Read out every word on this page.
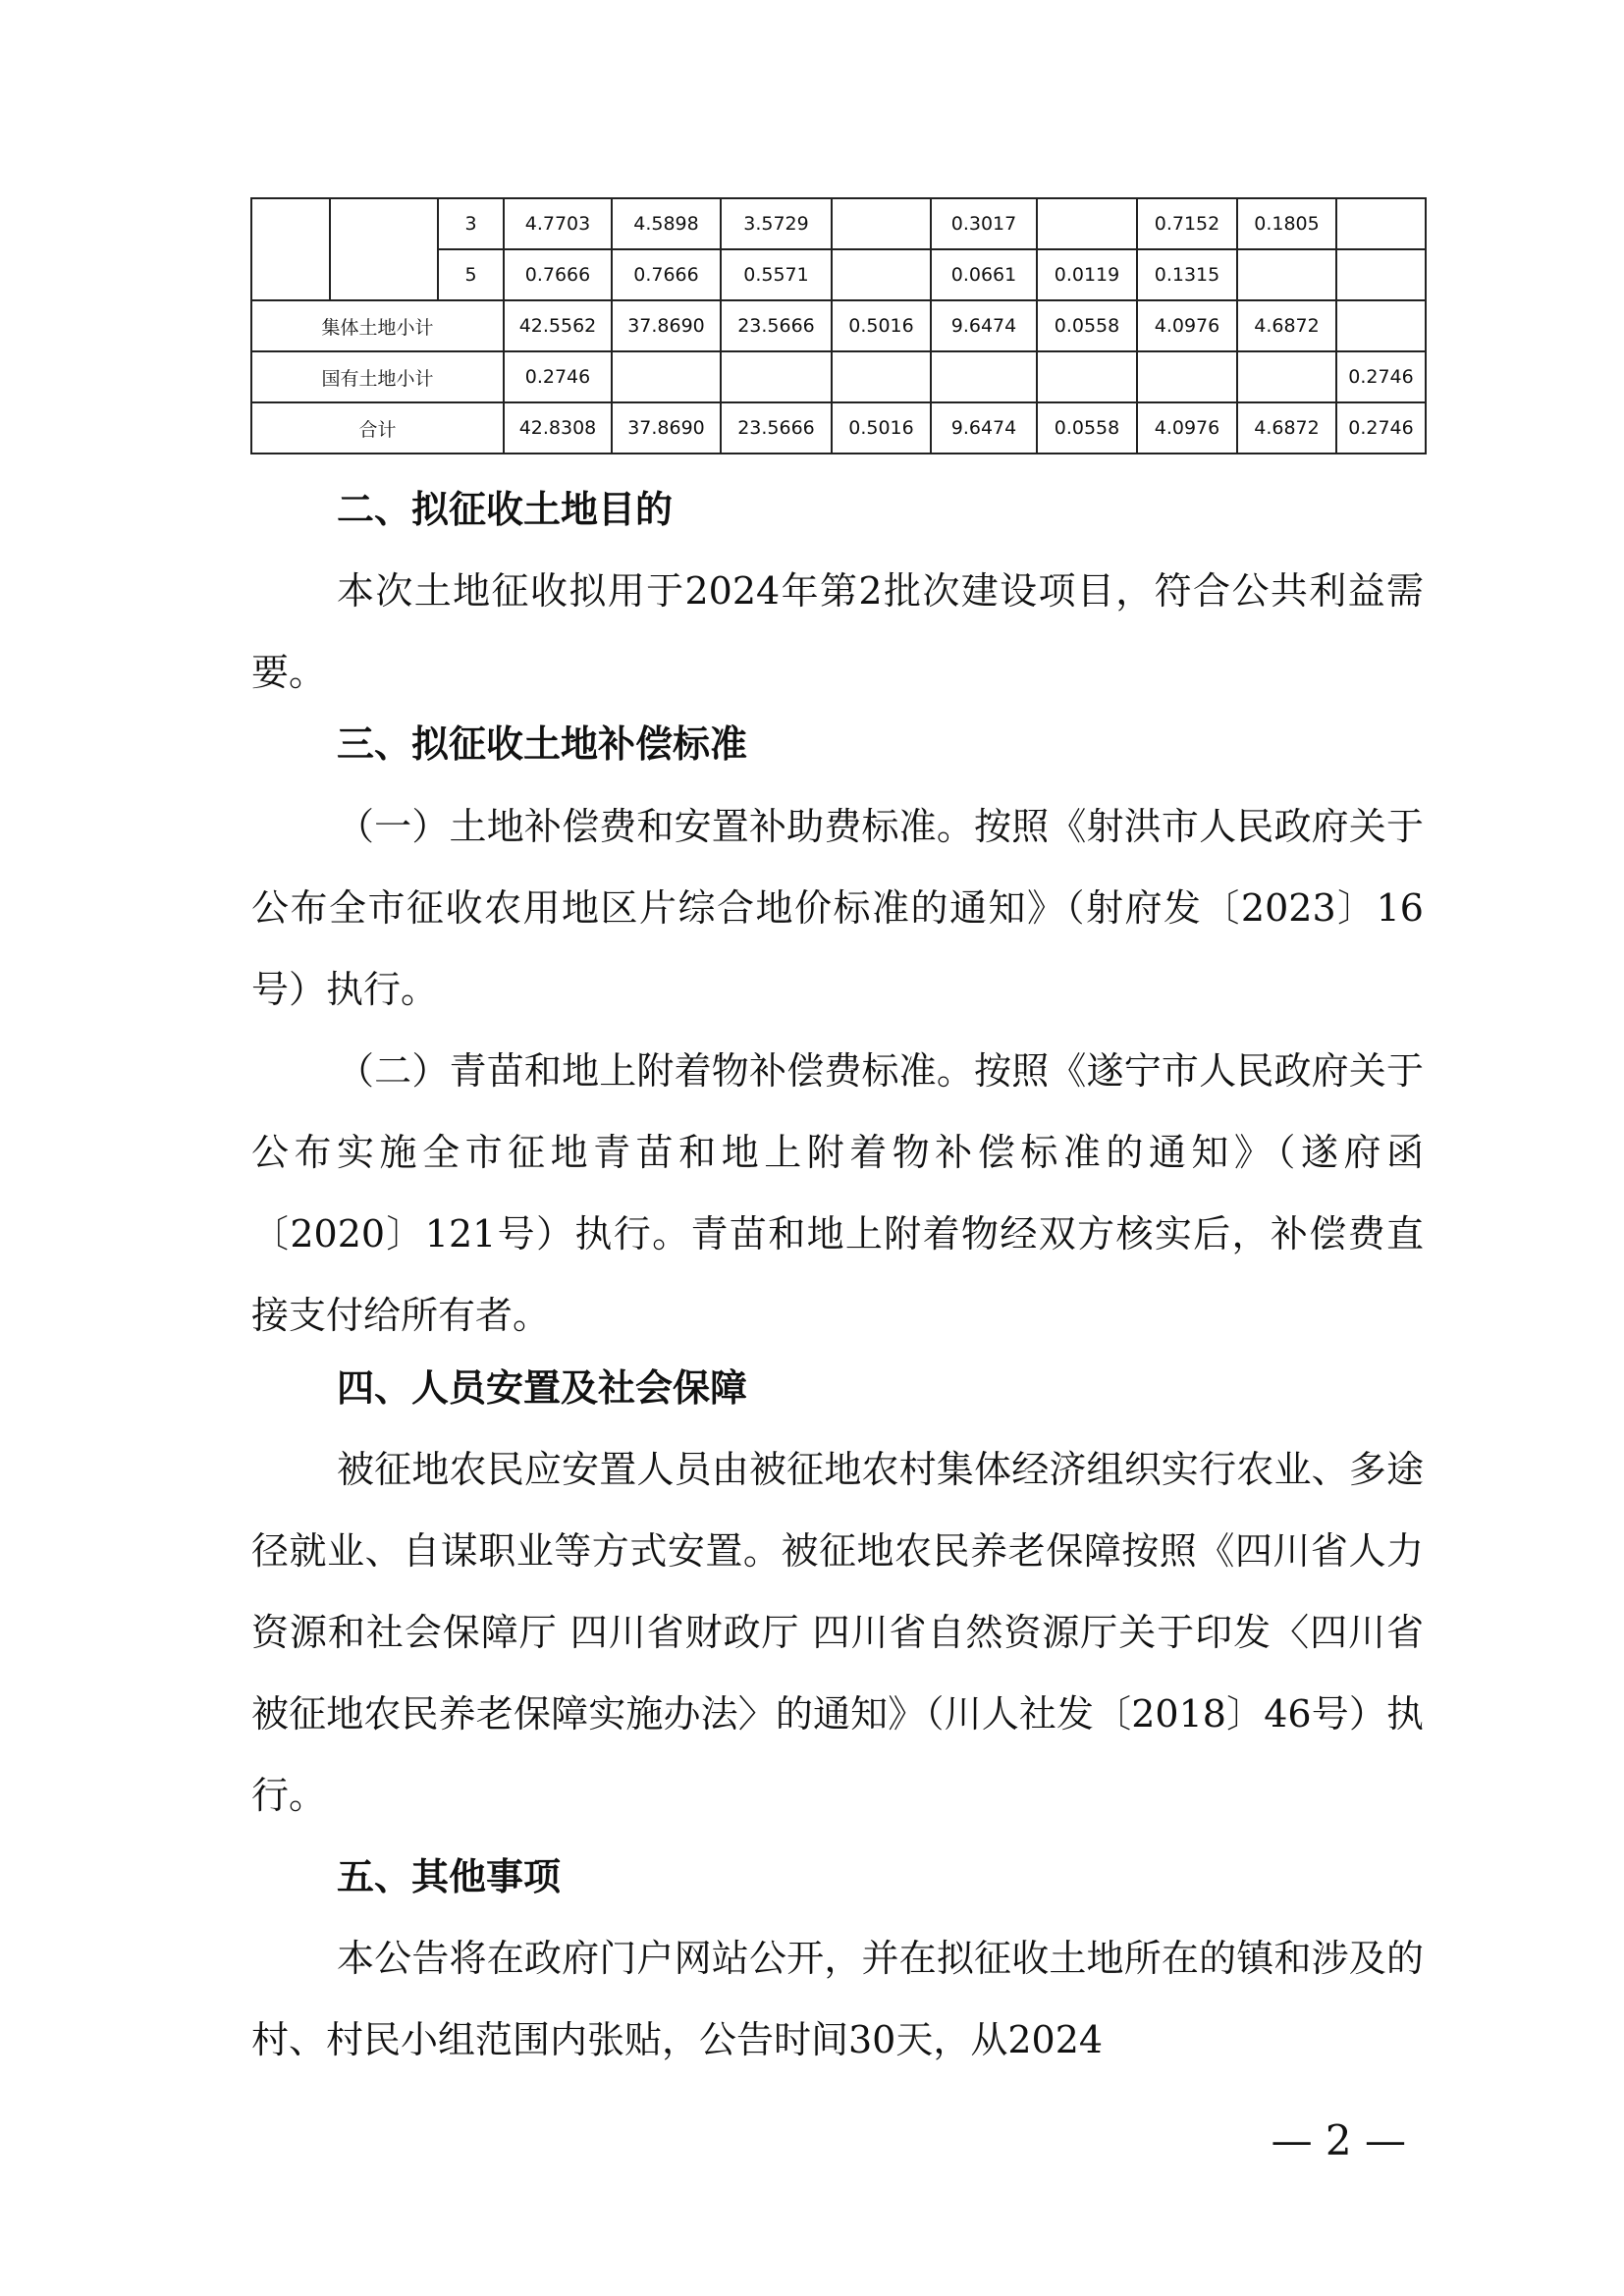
		3	4.7703	4.5898	3.5729		0.3017		0.7152	0.1805	
		5	0.7666	0.7666	0.5571		0.0661	0.0119	0.1315		
集体土地小计			42.5562	37.8690	23.5666	0.5016	9.6474	0.0558	4.0976	4.6872	
国有土地小计			0.2746								0.2746
合计			42.8308	37.8690	23.5666	0.5016	9.6474	0.0558	4.0976	4.6872	0.2746
二、拟征收土地目的

本次土地征收拟用于2024年第2批次建设项目，符合公共利益需要。

三、拟征收土地补偿标准

（一）土地补偿费和安置补助费标准。按照《射洪市人民政府关于公布全市征收农用地区片综合地价标准的通知》（射府发〔2023〕16号）执行。

（二）青苗和地上附着物补偿费标准。按照《遂宁市人民政府关于公布实施全市征地青苗和地上附着物补偿标准的通知》（遂府函〔2020〕121号）执行。青苗和地上附着物经双方核实后，补偿费直接支付给所有者。

四、人员安置及社会保障

被征地农民应安置人员由被征地农村集体经济组织实行农业、多途径就业、自谋职业等方式安置。被征地农民养老保障按照《四川省人力资源和社会保障厅 四川省财政厅 四川省自然资源厅关于印发〈四川省被征地农民养老保障实施办法〉的通知》（川人社发〔2018〕46号）执行。

五、其他事项

本公告将在政府门户网站公开，并在拟征收土地所在的镇和涉及的村、村民小组范围内张贴，公告时间30天，从2024

— 2 —
